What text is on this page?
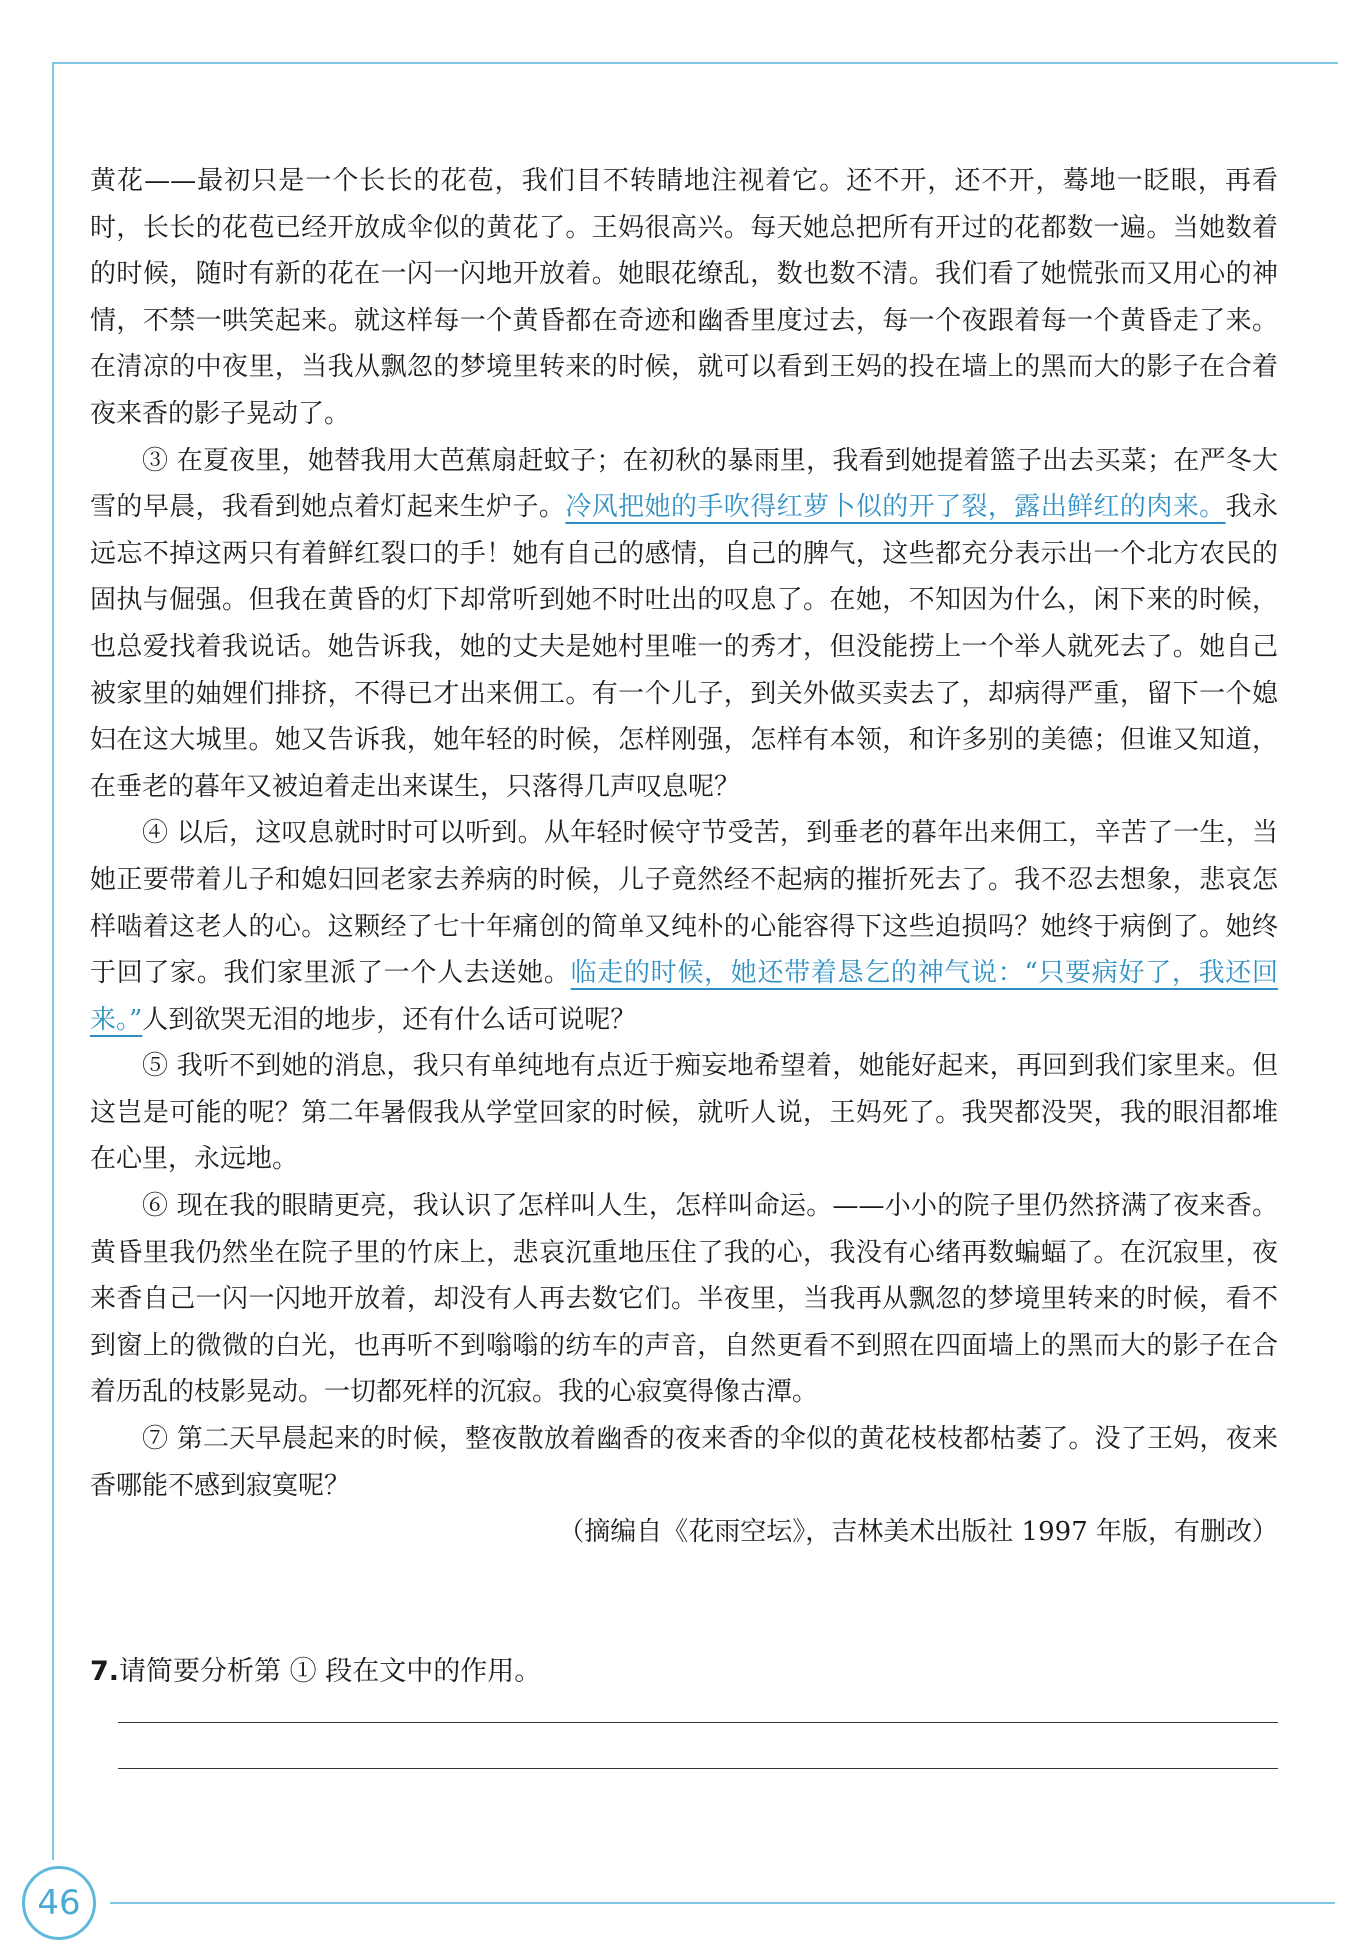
黄花——最初只是一个长长的花苞，我们目不转睛地注视着它。还不开，还不开，蓦地一眨眼，再看时，长长的花苞已经开放成伞似的黄花了。王妈很高兴。每天她总把所有开过的花都数一遍。当她数着的时候，随时有新的花在一闪一闪地开放着。她眼花缭乱，数也数不清。我们看了她慌张而又用心的神情，不禁一哄笑起来。就这样每一个黄昏都在奇迹和幽香里度过去，每一个夜跟着每一个黄昏走了来。在清凉的中夜里，当我从飘忽的梦境里转来的时候，就可以看到王妈的投在墙上的黑而大的影子在合着夜来香的影子晃动了。

③ 在夏夜里，她替我用大芭蕉扇赶蚊子；在初秋的暴雨里，我看到她提着篮子出去买菜；在严冬大雪的早晨，我看到她点着灯起来生炉子。冷风把她的手吹得红萝卜似的开了裂，露出鲜红的肉来。我永远忘不掉这两只有着鲜红裂口的手！她有自己的感情，自己的脾气，这些都充分表示出一个北方农民的固执与倔强。但我在黄昏的灯下却常听到她不时吐出的叹息了。在她，不知因为什么，闲下来的时候，也总爱找着我说话。她告诉我，她的丈夫是她村里唯一的秀才，但没能捞上一个举人就死去了。她自己被家里的妯娌们排挤，不得已才出来佣工。有一个儿子，到关外做买卖去了，却病得严重，留下一个媳妇在这大城里。她又告诉我，她年轻的时候，怎样刚强，怎样有本领，和许多别的美德；但谁又知道，在垂老的暮年又被迫着走出来谋生，只落得几声叹息呢？

④ 以后，这叹息就时时可以听到。从年轻时候守节受苦，到垂老的暮年出来佣工，辛苦了一生，当她正要带着儿子和媳妇回老家去养病的时候，儿子竟然经不起病的摧折死去了。我不忍去想象，悲哀怎样啮着这老人的心。这颗经了七十年痛创的简单又纯朴的心能容得下这些迫损吗？她终于病倒了。她终于回了家。我们家里派了一个人去送她。临走的时候，她还带着恳乞的神气说：“只要病好了，我还回来。”人到欲哭无泪的地步，还有什么话可说呢？

⑤ 我听不到她的消息，我只有单纯地有点近于痴妄地希望着，她能好起来，再回到我们家里来。但这岂是可能的呢？第二年暑假我从学堂回家的时候，就听人说，王妈死了。我哭都没哭，我的眼泪都堆在心里，永远地。

⑥ 现在我的眼睛更亮，我认识了怎样叫人生，怎样叫命运。——小小的院子里仍然挤满了夜来香。黄昏里我仍然坐在院子里的竹床上，悲哀沉重地压住了我的心，我没有心绪再数蝙蝠了。在沉寂里，夜来香自己一闪一闪地开放着，却没有人再去数它们。半夜里，当我再从飘忽的梦境里转来的时候，看不到窗上的微微的白光，也再听不到嗡嗡的纺车的声音，自然更看不到照在四面墙上的黑而大的影子在合着历乱的枝影晃动。一切都死样的沉寂。我的心寂寞得像古潭。

⑦ 第二天早晨起来的时候，整夜散放着幽香的夜来香的伞似的黄花枝枝都枯萎了。没了王妈，夜来香哪能不感到寂寞呢？

（摘编自《花雨空坛》，吉林美术出版社 1997 年版，有删改）

7.请简要分析第 ① 段在文中的作用。
46
